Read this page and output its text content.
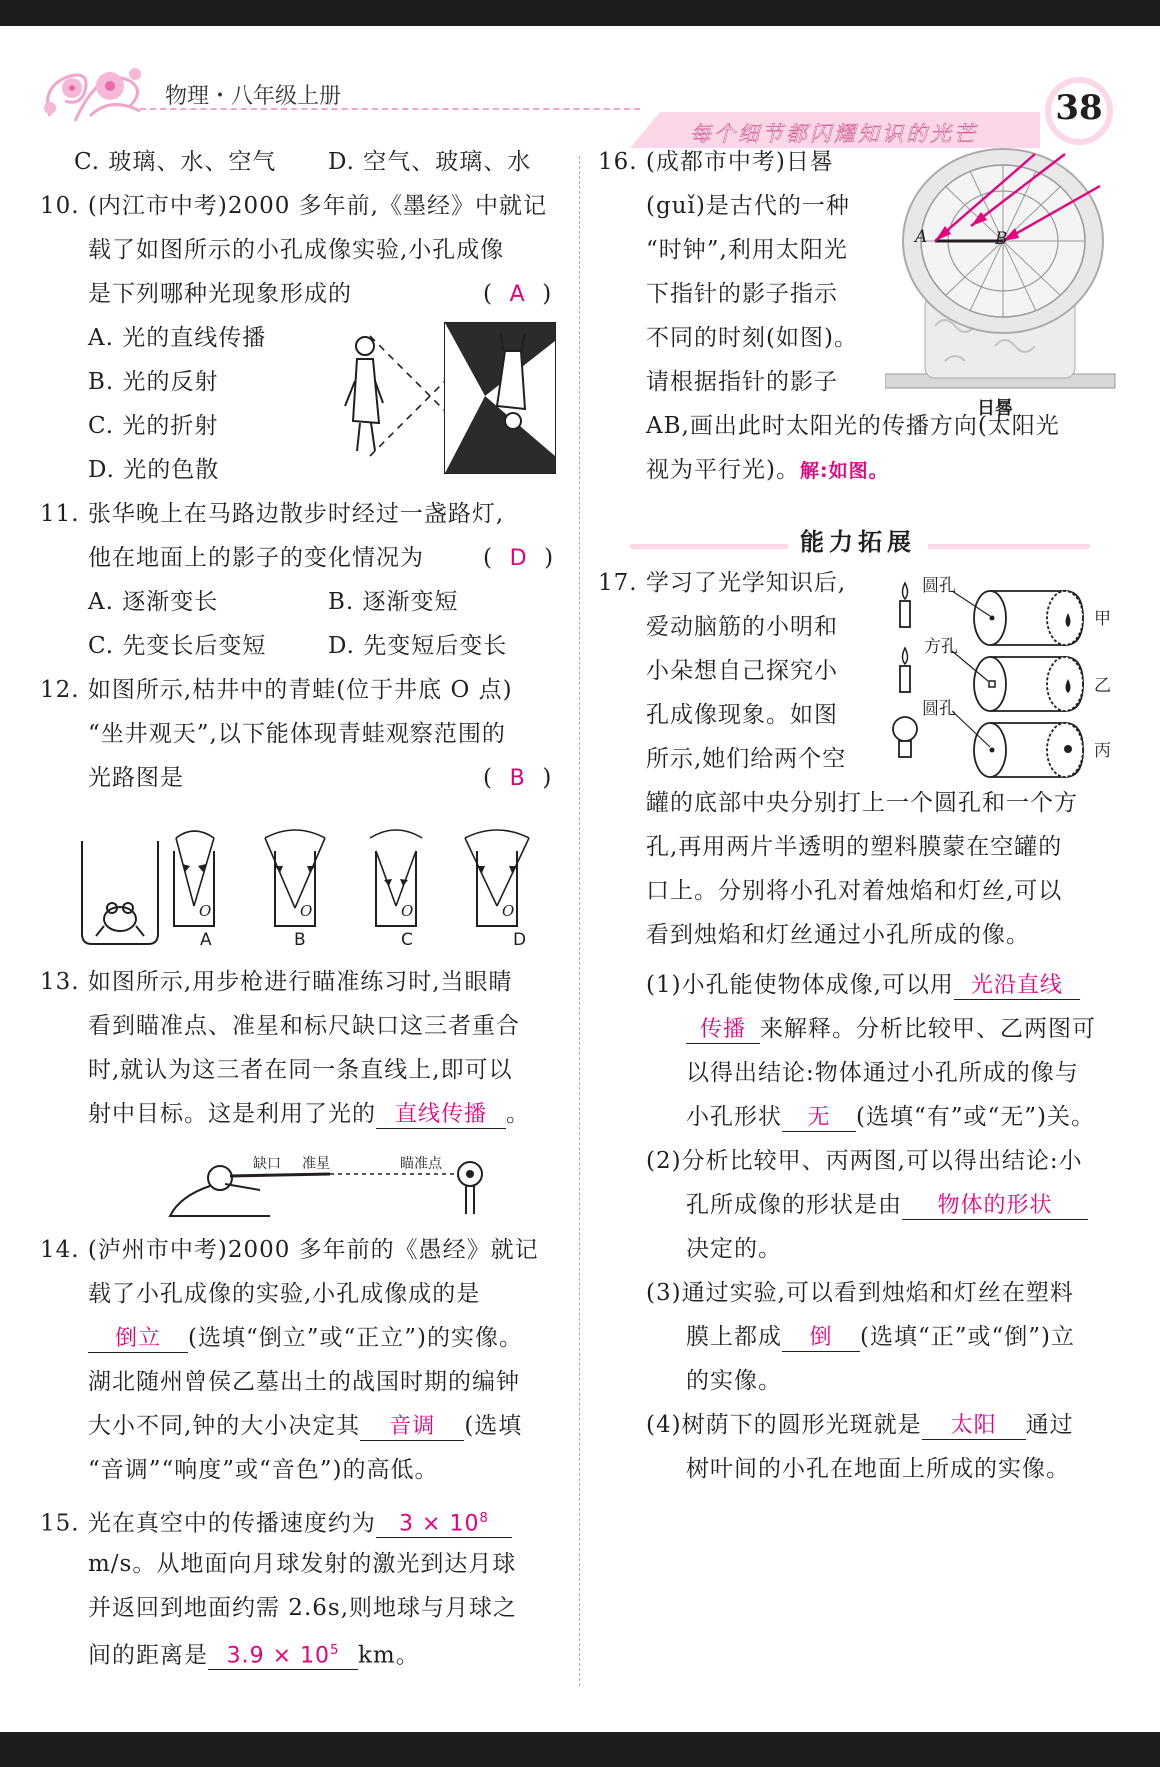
物理・八年级上册
每个细节都闪耀知识的光芒
38
C. 玻璃、水、空气 D. 空气、玻璃、水
10. (内江市中考)2000 多年前,《墨经》中就记
载了如图所示的小孔成像实验,小孔成像
是下列哪种光现象形成的	(  A  )
A. 光的直线传播
B. 光的反射
C. 光的折射
D. 光的色散
11. 张华晚上在马路边散步时经过一盏路灯,
他在地面上的影子的变化情况为	(  D  )
A. 逐渐变长	B. 逐渐变短
C. 先变长后变短	D. 先变短后变长
12. 如图所示,枯井中的青蛙(位于井底 O 点)
“坐井观天”,以下能体现青蛙观察范围的
光路图是	(  B  )
A	B	C	D
O	O	O	O
13. 如图所示,用步枪进行瞄准练习时,当眼睛
看到瞄准点、准星和标尺缺口这三者重合
时,就认为这三者在同一条直线上,即可以
射中目标。这是利用了光的 直线传播 。
缺口 准星	瞄准点
14. (泸州市中考)2000 多年前的《愚经》就记
载了小孔成像的实验,小孔成像成的是
倒立 (选填“倒立”或“正立”)的实像。
湖北随州曾侯乙墓出土的战国时期的编钟
大小不同,钟的大小决定其 音调 (选填
“音调”“响度”或“音色”)的高低。
15. 光在真空中的传播速度约为 $3 \times 10^8$
m/s。从地面向月球发射的激光到达月球
并返回到地面约需 2.6s,则地球与月球之
间的距离是 $3.9 \times 10^5$ km。
16. (成都市中考)日晷
(guǐ)是古代的一种
“时钟”,利用太阳光
下指针的影子指示
不同的时刻(如图)。
请根据指针的影子
AB,画出此时太阳光的传播方向(太阳光
视为平行光)。解:如图。
A	B
日晷
能力拓展
17. 学习了光学知识后,
爱动脑筋的小明和
小朵想自己探究小
孔成像现象。如图
所示,她们给两个空
罐的底部中央分别打上一个圆孔和一个方
孔,再用两片半透明的塑料膜蒙在空罐的
口上。分别将小孔对着烛焰和灯丝,可以
看到烛焰和灯丝通过小孔所成的像。
圆孔
方孔
圆孔
甲
乙
丙
(1)小孔能使物体成像,可以用 光沿直线
传播 来解释。分析比较甲、乙两图可
以得出结论:物体通过小孔所成的像与
小孔形状 无 (选填“有”或“无”)关。
(2)分析比较甲、丙两图,可以得出结论:小
孔所成像的形状是由 物体的形状
决定的。
(3)通过实验,可以看到烛焰和灯丝在塑料
膜上都成 倒 (选填“正”或“倒”)立
的实像。
(4)树荫下的圆形光斑就是 太阳 通过
树叶间的小孔在地面上所成的实像。
